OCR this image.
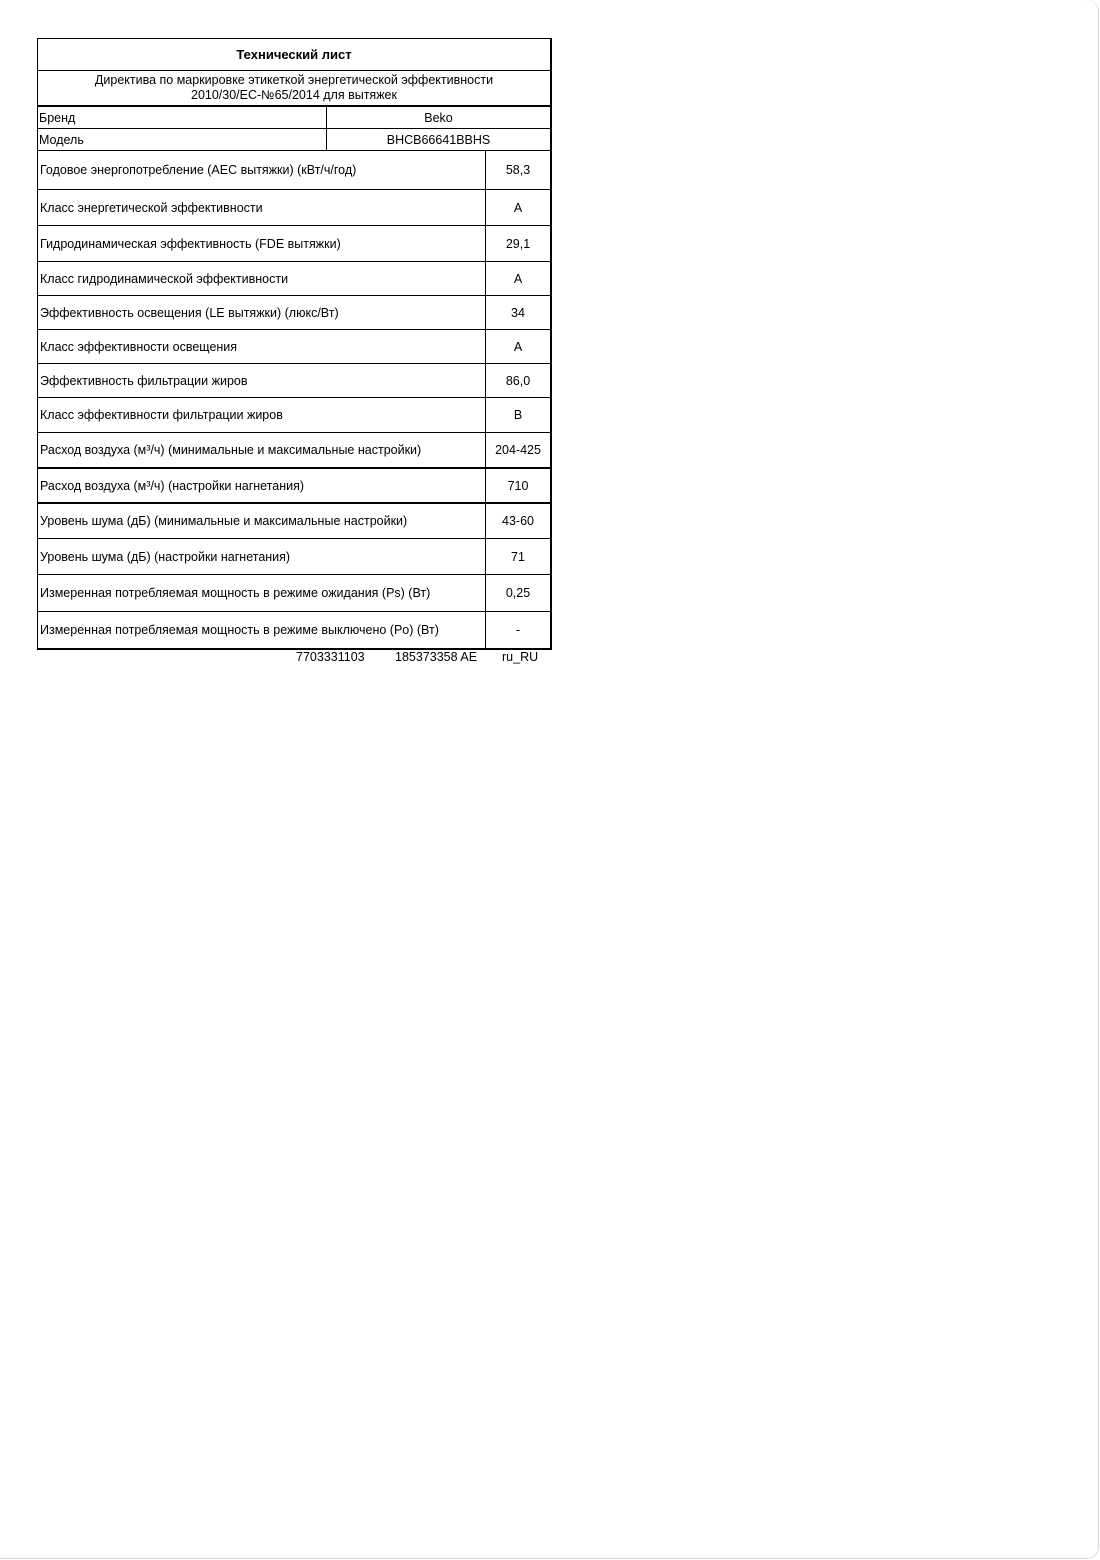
Технический лист
Директива по маркировке этикеткой энергетической эффективности
2010/30/ЕС-№65/2014 для вытяжек
Бренд	Beko
Модель	BHCB66641BBHS
Годовое энергопотребление (AEC вытяжки) (кВт/ч/год)	58,3
Класс энергетической эффективности	A
Гидродинамическая эффективность (FDE вытяжки)	29,1
Класс гидродинамической эффективности	A
Эффективность освещения (LE вытяжки) (люкс/Вт)	34
Класс эффективности освещения	A
Эффективность фильтрации жиров	86,0
Класс эффективности фильтрации жиров	B
Расход воздуха (м³/ч) (минимальные и максимальные настройки)	204-425
Расход воздуха (м³/ч) (настройки нагнетания)	710
Уровень шума (дБ) (минимальные и максимальные настройки)	43-60
Уровень шума (дБ) (настройки нагнетания)	71
Измеренная потребляемая мощность в режиме ожидания (Ps) (Вт)	0,25
Измеренная потребляемая мощность в режиме выключено (Po) (Вт)	-
7703331103	185373358 AE	ru_RU
